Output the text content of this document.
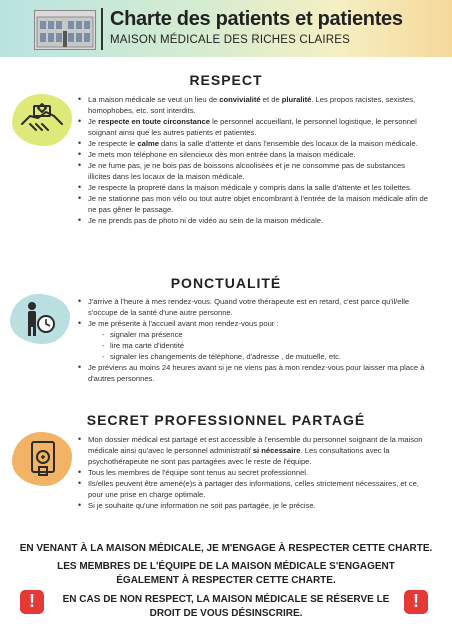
Charte des patients et patientes
MAISON MÉDICALE DES RICHES CLAIRES
RESPECT
• La maison médicale se veut un lieu de convivialité et de pluralité. Les propos racistes, sexistes, homophobes, etc. sont interdits.
• Je respecte en toute circonstance le personnel accueillant, le personnel logistique, le personnel soignant ainsi que les autres patients et patientes.
• Je respecte le calme dans la salle d'attente et dans l'ensemble des locaux de la maison médicale.
• Je mets mon téléphone en silencieux dès mon entrée dans la maison médicale.
• Je ne fume pas, je ne bois pas de boissons alcoolisées et je ne consomme pas de substances illicites dans les locaux de la maison médicale.
• Je respecte la propreté dans la maison médicale y compris dans la salle d'attente et les toilettes.
• Je ne stationne pas mon vélo ou tout autre objet encombrant à l'entrée de la maison médicale afin de ne pas gêner le passage.
• Je ne prends pas de photo ni de vidéo au sein de la maison médicale.
PONCTUALITÉ
• J'arrive à l'heure à mes rendez-vous. Quand votre thérapeute est en retard, c'est parce qu'il/elle s'occupe de la santé d'une autre personne.
• Je me présente à l'accueil avant mon rendez-vous pour :
- signaler ma présence
- lire ma carte d'identité
- signaler les changements de téléphone, d'adresse , de mutuelle, etc.
• Je préviens au moins 24 heures avant si je ne viens pas à mon rendez-vous pour laisser ma place à d'autres personnes.
SECRET PROFESSIONNEL PARTAGÉ
• Mon dossier médical est partagé et est accessible à l'ensemble du personnel soignant de la maison médicale ainsi qu'avec le personnel administratif si nécessaire. Les consultations avec la psychothérapeute ne sont pas partagées avec le reste de l'équipe.
• Tous les membres de l'équipe sont tenus au secret professionnel.
• Ils/elles peuvent être amené(e)s à partager des informations, celles strictement nécessaires, et ce, pour une prise en charge optimale.
• Si je souhaite qu'une information ne soit pas partagée, je le précise.
EN VENANT À LA MAISON MÉDICALE, JE M'ENGAGE À RESPECTER CETTE CHARTE.
LES MEMBRES DE L'ÉQUIPE DE LA MAISON MÉDICALE S'ENGAGENT
ÉGALEMENT À RESPECTER CETTE CHARTE.
EN CAS DE NON RESPECT, LA MAISON MÉDICALE SE RÉSERVE LE
DROIT DE VOUS DÉSINSCRIRE.
!
!
